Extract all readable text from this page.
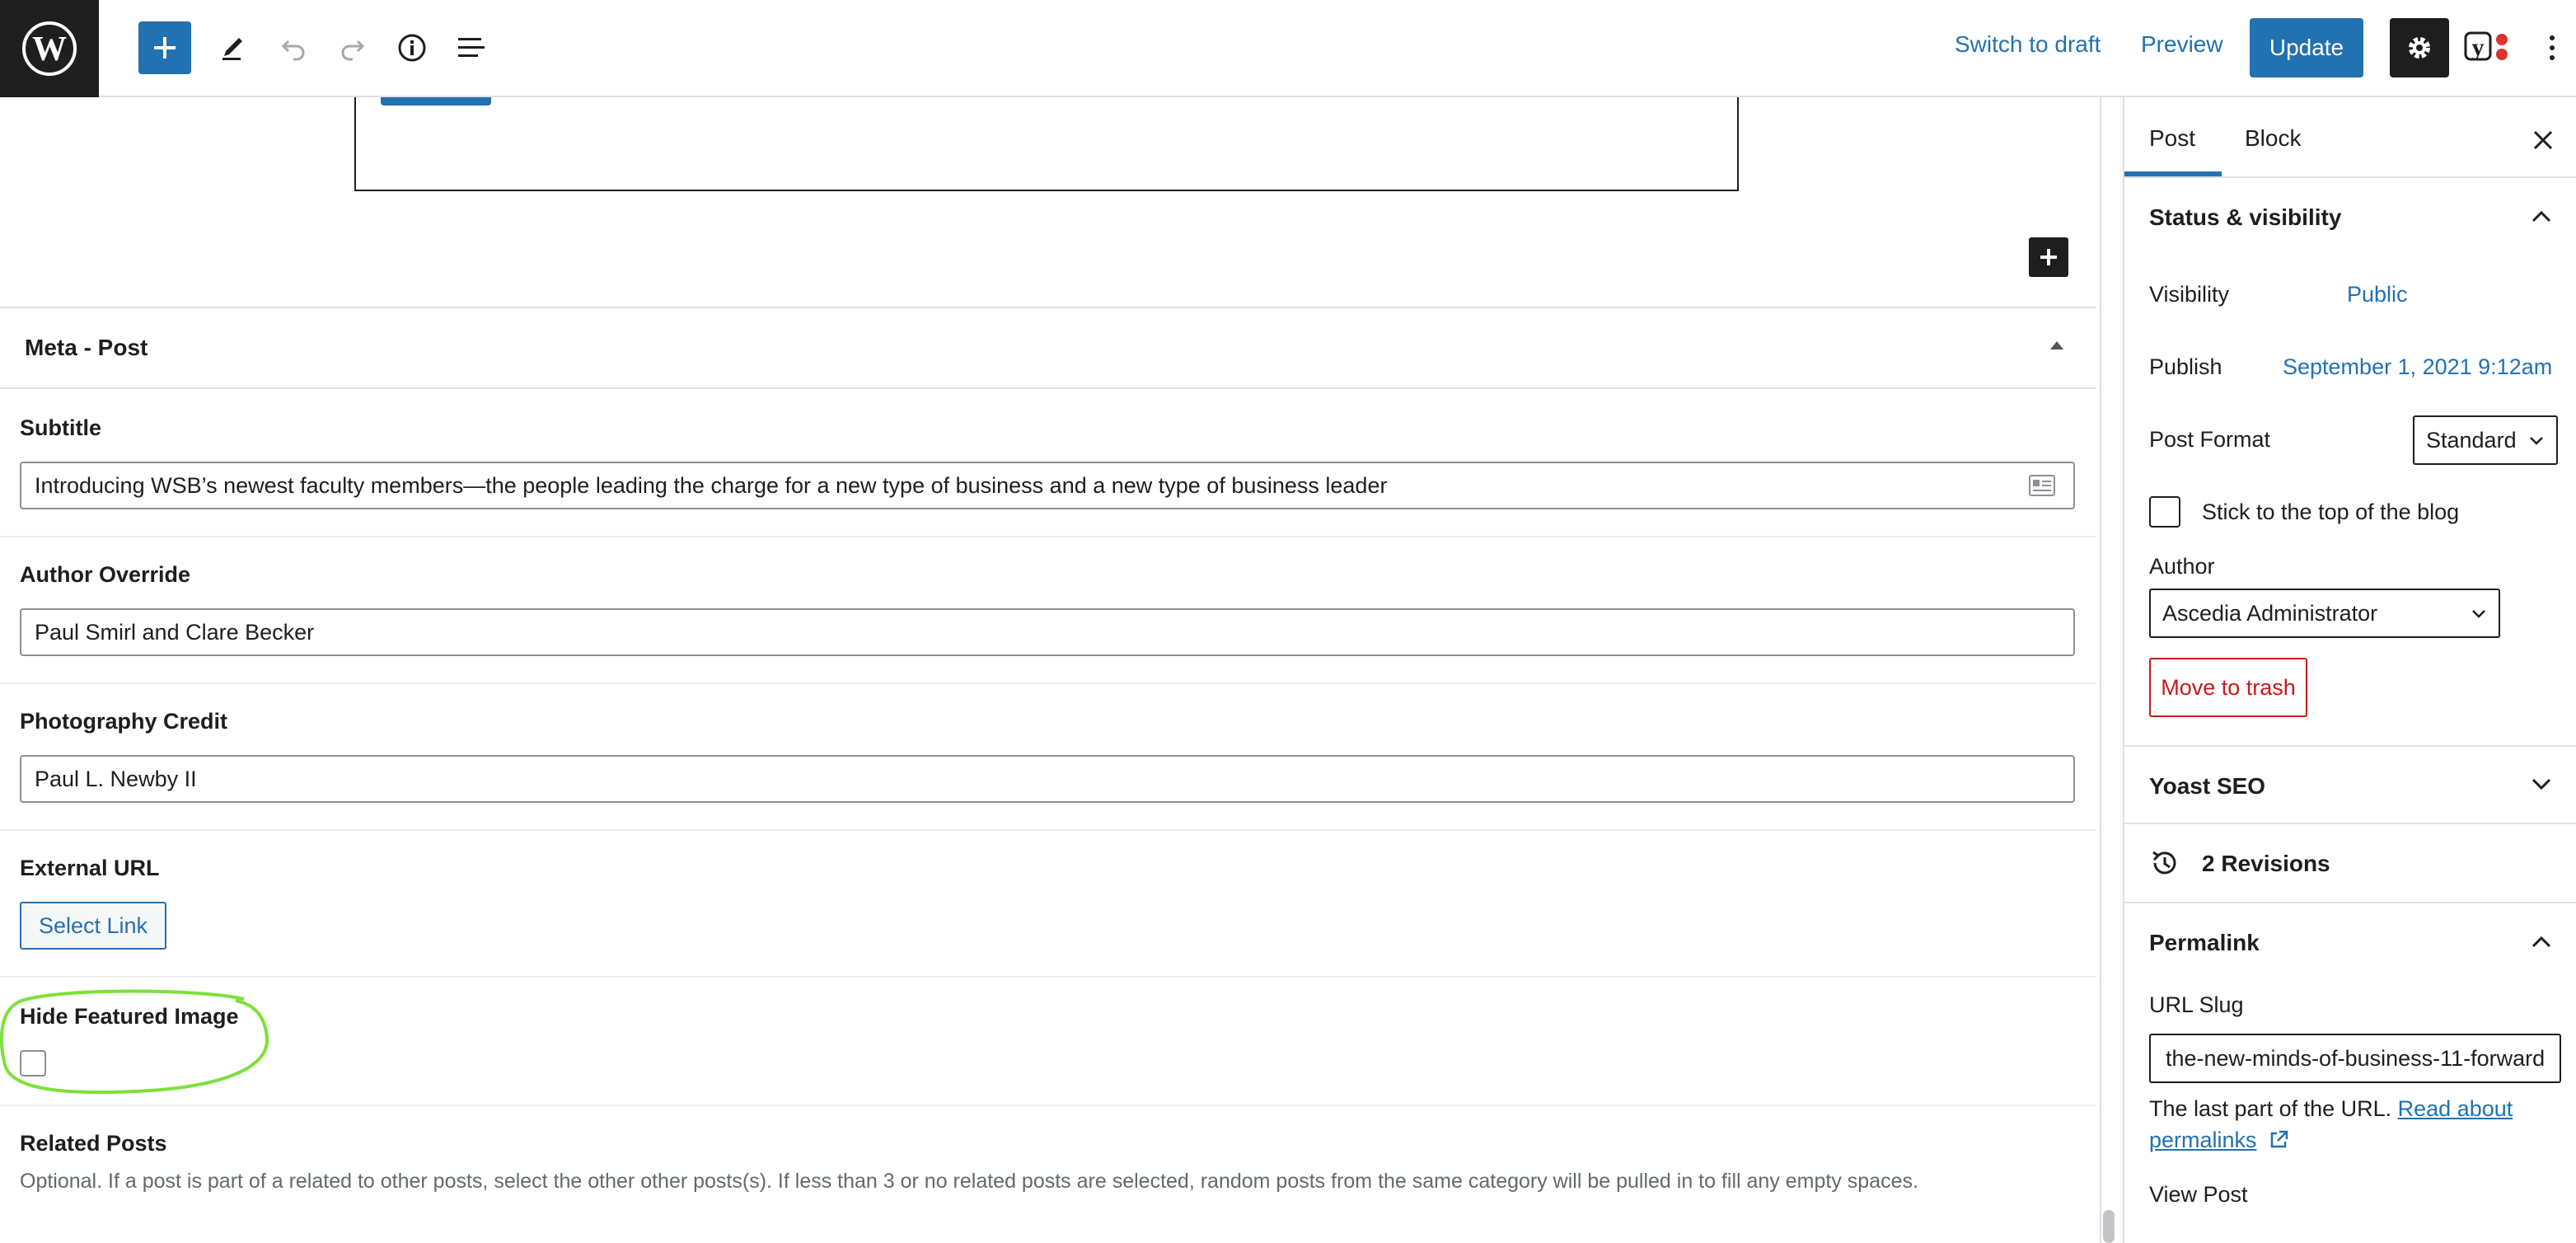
W	Switch to draft Preview	Update	y
Meta - Post
Subtitle
Introducing WSB’s newest faculty members—the people leading the charge for a new type of business and a new type of business leader
Author Override
Paul Smirl and Clare Becker
Photography Credit
Paul L. Newby II
External URL
Select Link
Hide Featured Image
Related Posts
Optional. If a post is part of a related to other posts, select the other other posts(s). If less than 3 or no related posts are selected, random posts from the same category will be pulled in to fill any empty spaces.
Post Block
Status & visibility
Visibility	Public
Publish	September 1, 2021 9:12am
Post Format	Standard
Stick to the top of the blog
Author
Ascedia Administrator
Move to trash
Yoast SEO
2 Revisions
Permalink
URL Slug
the-new-minds-of-business-11-forward
The last part of the URL. Read about permalinks
View Post
